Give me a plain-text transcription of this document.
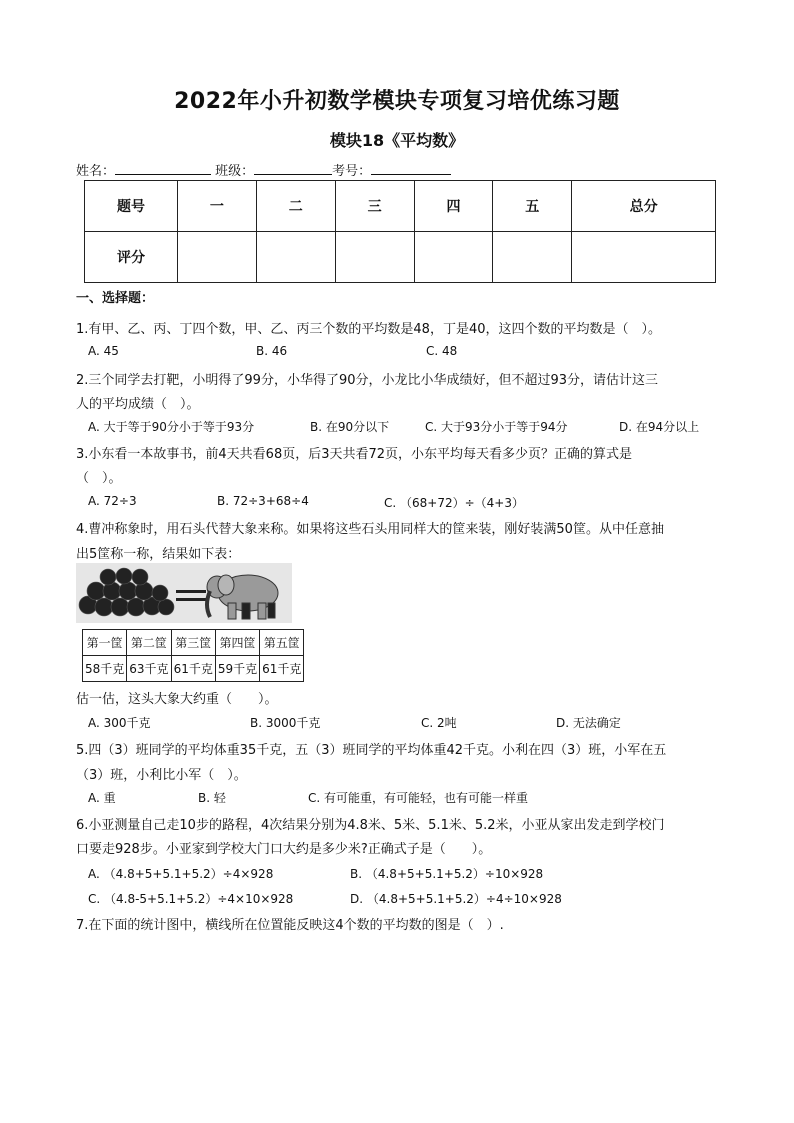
2022年小升初数学模块专项复习培优练习题
模块18《平均数》
姓名：	班级：	考号：
题号	一	二	三	四	五	总分
评分						
一、选择题：
1.有甲、乙、丙、丁四个数，甲、乙、丙三个数的平均数是48，丁是40，这四个数的平均数是（　）。
A. 45	B. 46	C. 48
2.三个同学去打靶，小明得了99分，小华得了90分，小龙比小华成绩好，但不超过93分，请估计这三
人的平均成绩（　）。
A. 大于等于90分小于等于93分	B. 在90分以下	C. 大于93分小于等于94分	D. 在94分以上
3.小东看一本故事书，前4天共看68页，后3天共看72页，小东平均每天看多少页？正确的算式是
（　）。
A. 72÷3	B. 72÷3+68÷4	C. （68+72）÷（4+3）
4.曹冲称象时，用石头代替大象来称。如果将这些石头用同样大的筐来装，刚好装满50筐。从中任意抽
出5筐称一称，结果如下表：
第一筐	第二筐	第三筐	第四筐	第五筐
58千克	63千克	61千克	59千克	61千克
估一估，这头大象大约重（　　）。
A. 300千克	B. 3000千克	C. 2吨	D. 无法确定
5.四（3）班同学的平均体重35千克，五（3）班同学的平均体重42千克。小利在四（3）班，小军在五
（3）班，小利比小军（　）。
A. 重	B. 轻	C. 有可能重，有可能轻，也有可能一样重
6.小亚测量自己走10步的路程，4次结果分别为4.8米、5米、5.1米、5.2米，小亚从家出发走到学校门
口要走928步。小亚家到学校大门口大约是多少米?正确式子是（　　）。
A. （4.8+5+5.1+5.2）÷4×928	B. （4.8+5+5.1+5.2）÷10×928
C. （4.8-5+5.1+5.2）÷4×10×928	D. （4.8+5+5.1+5.2）÷4÷10×928
7.在下面的统计图中，横线所在位置能反映这4个数的平均数的图是（　）.
